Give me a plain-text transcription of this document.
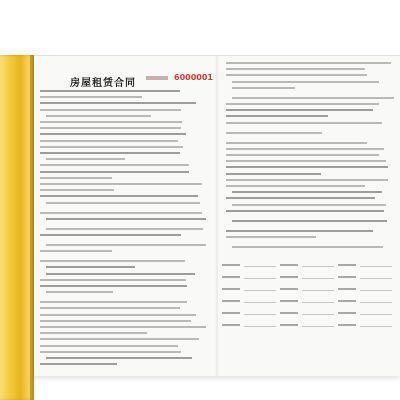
房屋租赁合同
6000001
